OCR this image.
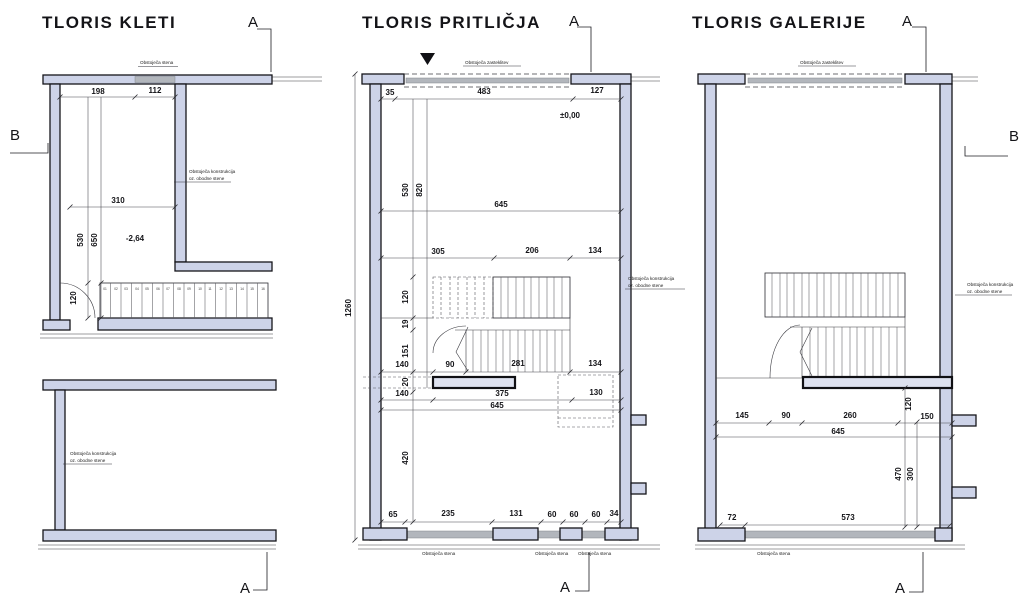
TLORIS KLETI	A
B
A
01 02 03 04 05 06 07 08 09 10 11 12 13 14 15 16
198	112
310
530 650
120
-2,64
Obstoječa stena
Obstoječa konstrukcija
oz. obodne stene
Obstoječa konstrukcija
oz. obodne stene
TLORIS PRITLIČJA A
A
Obstoječa zasteklitev
±0,00
35	483	127
645
305	206	134
140	90	281	134
140	375	130
645
65	235	131	60 60 60 34
530
120
19
151
20
420
820
1260
Obstoječa konstrukcija
oz. obodne stene
Obstoječa stena	Obstoječa stena Obstoječa stena
TLORIS GALERIJE A
B
A
Obstoječa zasteklitev
145	90	260	150
645
72	573
120
470 300
Obstoječa konstrukcija
oz. obodne stene
Obstoječa stena
